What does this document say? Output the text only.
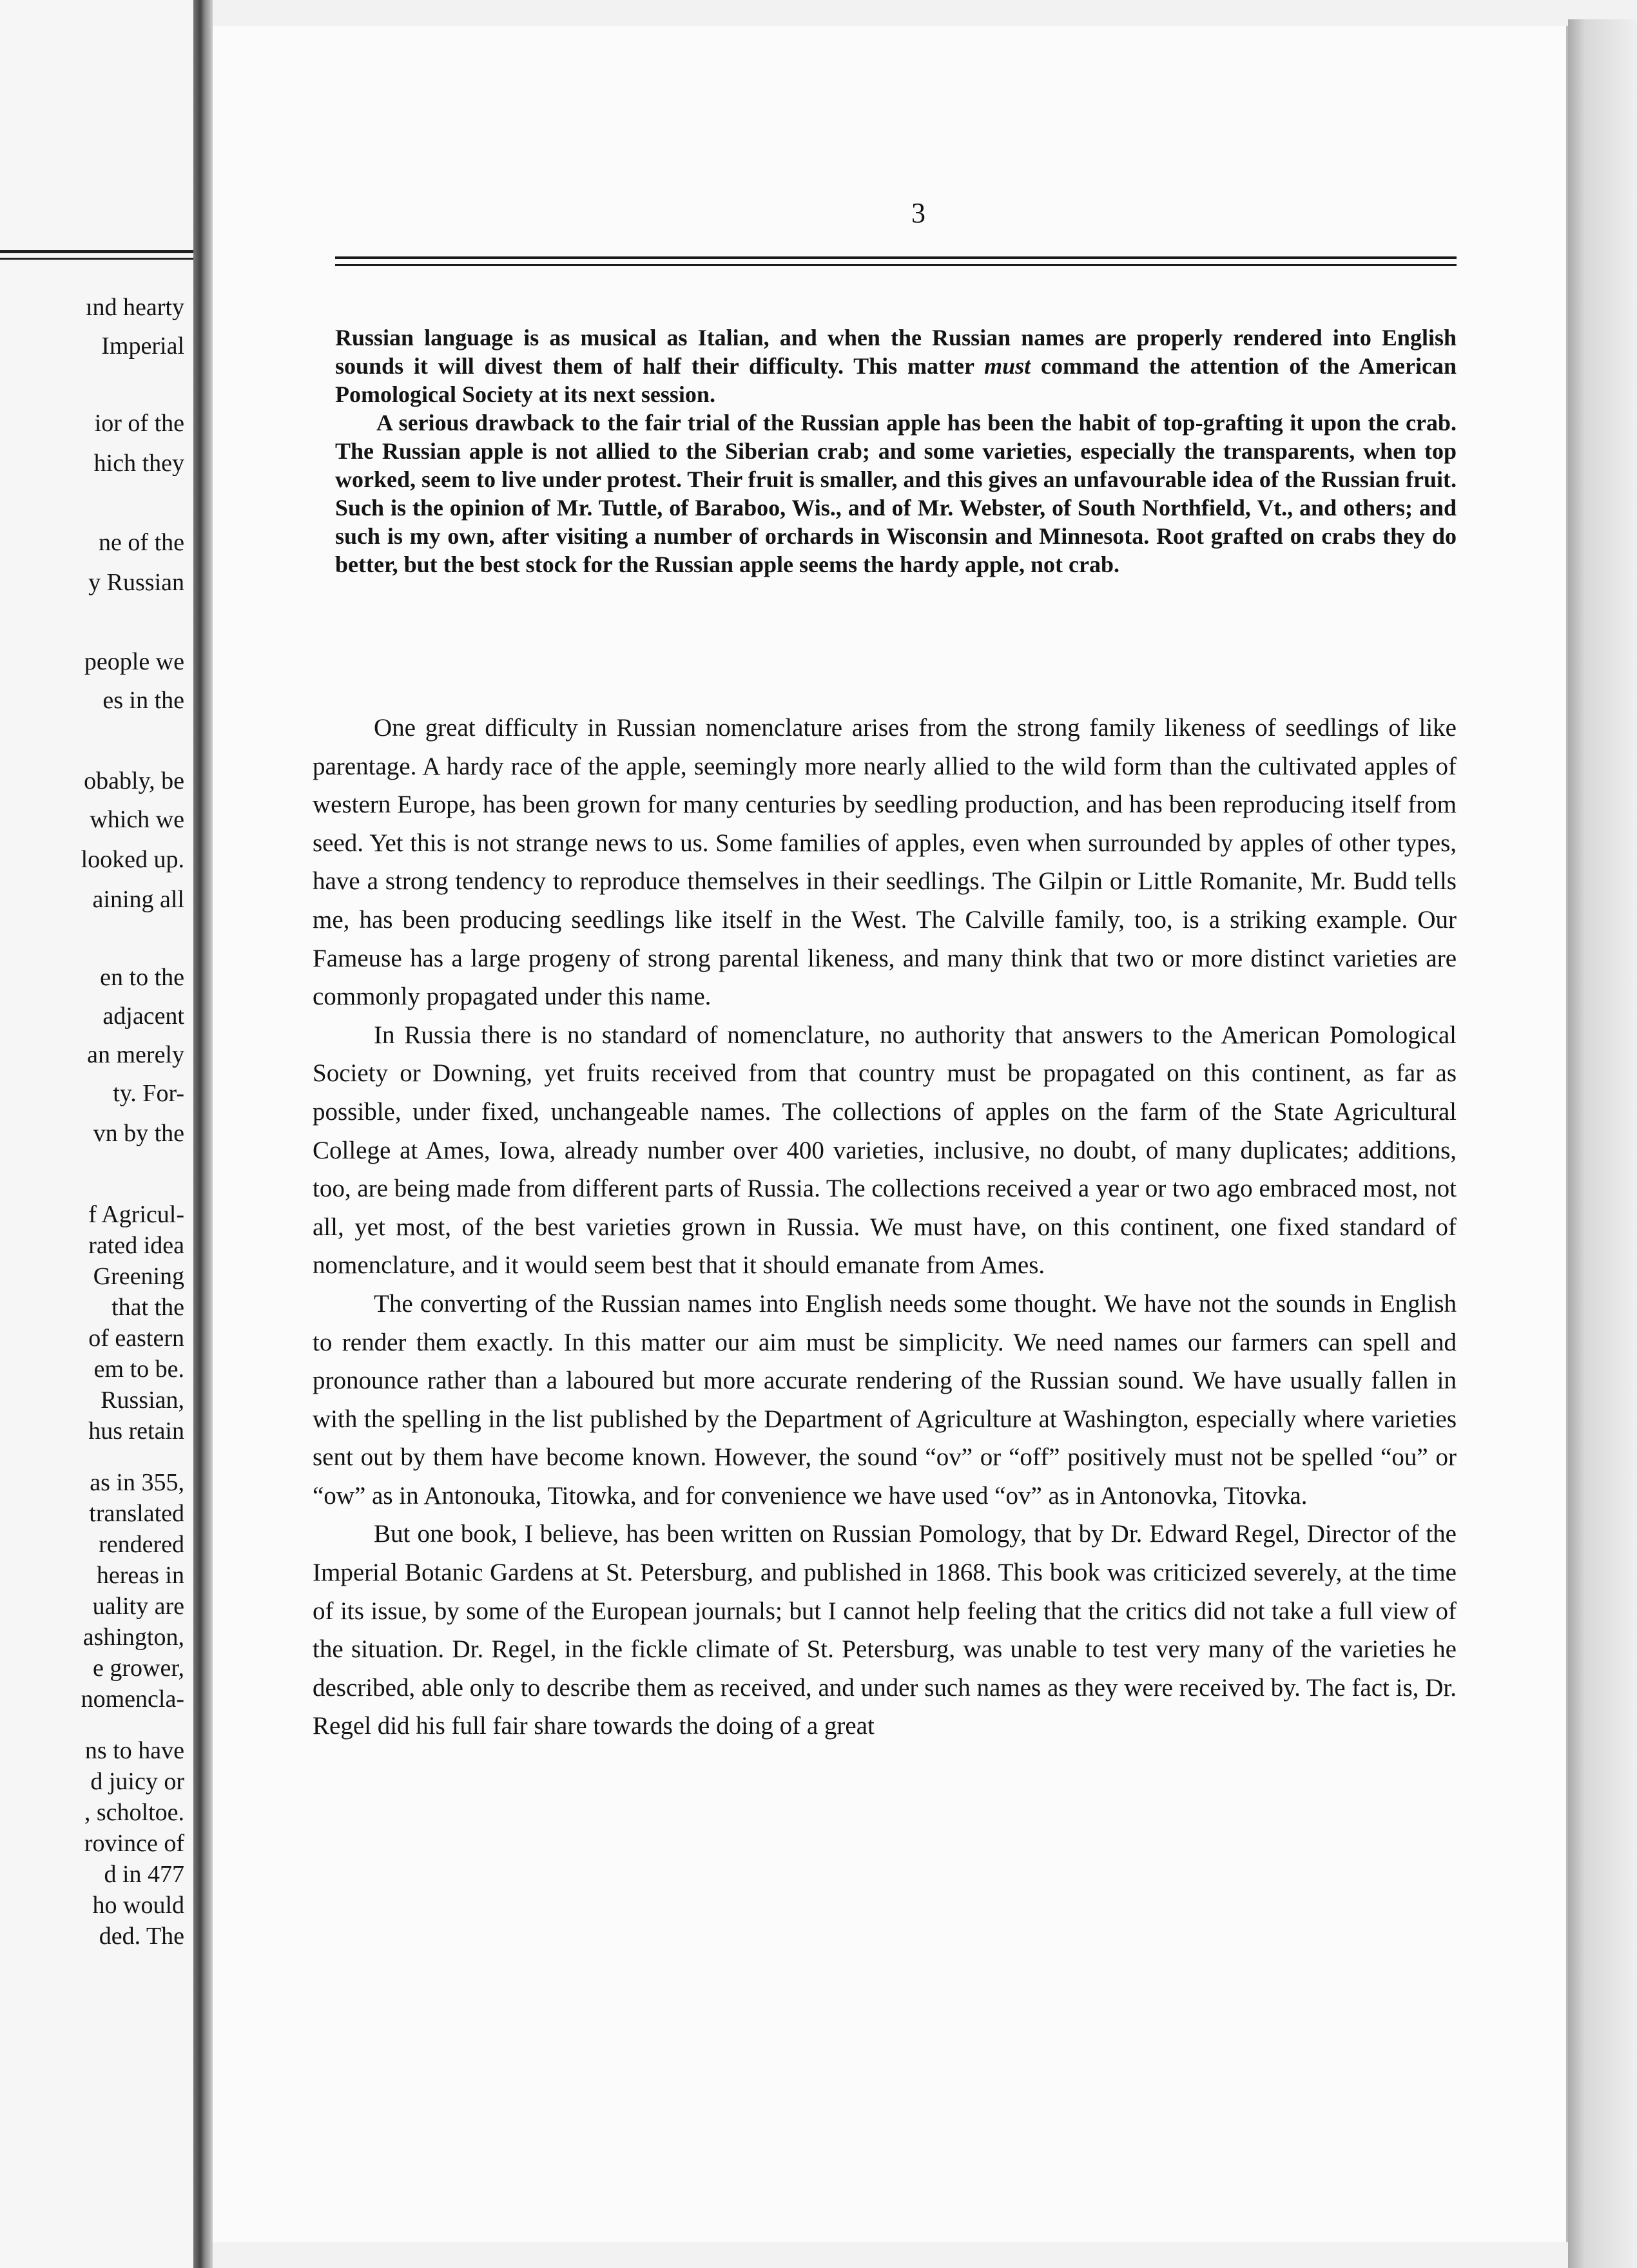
ınd hearty
Imperial
ior of the
hich they
ne of the
y Russian
people we
es in the
obably, be
which we
looked up.
aining all
en to the
adjacent
an merely
ty. For-
vn by the
f Agricul-
rated idea
Greening
that the
of eastern
em to be.
Russian,
hus retain
as in 355,
translated
rendered
hereas in
uality are
ashington,
e grower,
nomencla-
ns to have
d juicy or
, scholtoe.
rovince of
d in 477
ho would
ded. The
3

Russian language is as musical as Italian, and when the Russian names are properly rendered into English sounds it will divest them of half their difficulty. This matter must command the attention of the American Pomological Society at its next session.

A serious drawback to the fair trial of the Russian apple has been the habit of top-grafting it upon the crab. The Russian apple is not allied to the Siberian crab; and some varieties, especially the transparents, when top worked, seem to live under protest. Their fruit is smaller, and this gives an unfavourable idea of the Russian fruit. Such is the opinion of Mr. Tuttle, of Baraboo, Wis., and of Mr. Webster, of South Northfield, Vt., and others; and such is my own, after visiting a number of orchards in Wisconsin and Minnesota. Root grafted on crabs they do better, but the best stock for the Russian apple seems the hardy apple, not crab.

One great difficulty in Russian nomenclature arises from the strong family likeness of seedlings of like parentage. A hardy race of the apple, seemingly more nearly allied to the wild form than the cultivated apples of western Europe, has been grown for many centuries by seedling production, and has been reproducing itself from seed. Yet this is not strange news to us. Some families of apples, even when surrounded by apples of other types, have a strong tendency to reproduce themselves in their seedlings. The Gilpin or Little Romanite, Mr. Budd tells me, has been producing seedlings like itself in the West. The Calville family, too, is a striking example. Our Fameuse has a large progeny of strong parental likeness, and many think that two or more distinct varieties are commonly propagated under this name.

In Russia there is no standard of nomenclature, no authority that answers to the American Pomological Society or Downing, yet fruits received from that country must be propagated on this continent, as far as possible, under fixed, unchangeable names. The collections of apples on the farm of the State Agricultural College at Ames, Iowa, already number over 400 varieties, inclusive, no doubt, of many duplicates; additions, too, are being made from different parts of Russia. The collections received a year or two ago embraced most, not all, yet most, of the best varieties grown in Russia. We must have, on this continent, one fixed standard of nomenclature, and it would seem best that it should emanate from Ames.

The converting of the Russian names into English needs some thought. We have not the sounds in English to render them exactly. In this matter our aim must be simplicity. We need names our farmers can spell and pronounce rather than a laboured but more accurate rendering of the Russian sound. We have usually fallen in with the spelling in the list published by the Department of Agriculture at Washington, especially where varieties sent out by them have become known. However, the sound “ov” or “off” positively must not be spelled “ou” or “ow” as in Antonouka, Titowka, and for convenience we have used “ov” as in Antonovka, Titovka.

But one book, I believe, has been written on Russian Pomology, that by Dr. Edward Regel, Director of the Imperial Botanic Gardens at St. Petersburg, and published in 1868. This book was criticized severely, at the time of its issue, by some of the European journals; but I cannot help feeling that the critics did not take a full view of the situation. Dr. Regel, in the fickle climate of St. Petersburg, was unable to test very many of the varieties he described, able only to describe them as received, and under such names as they were received by. The fact is, Dr. Regel did his full fair share towards the doing of a great
